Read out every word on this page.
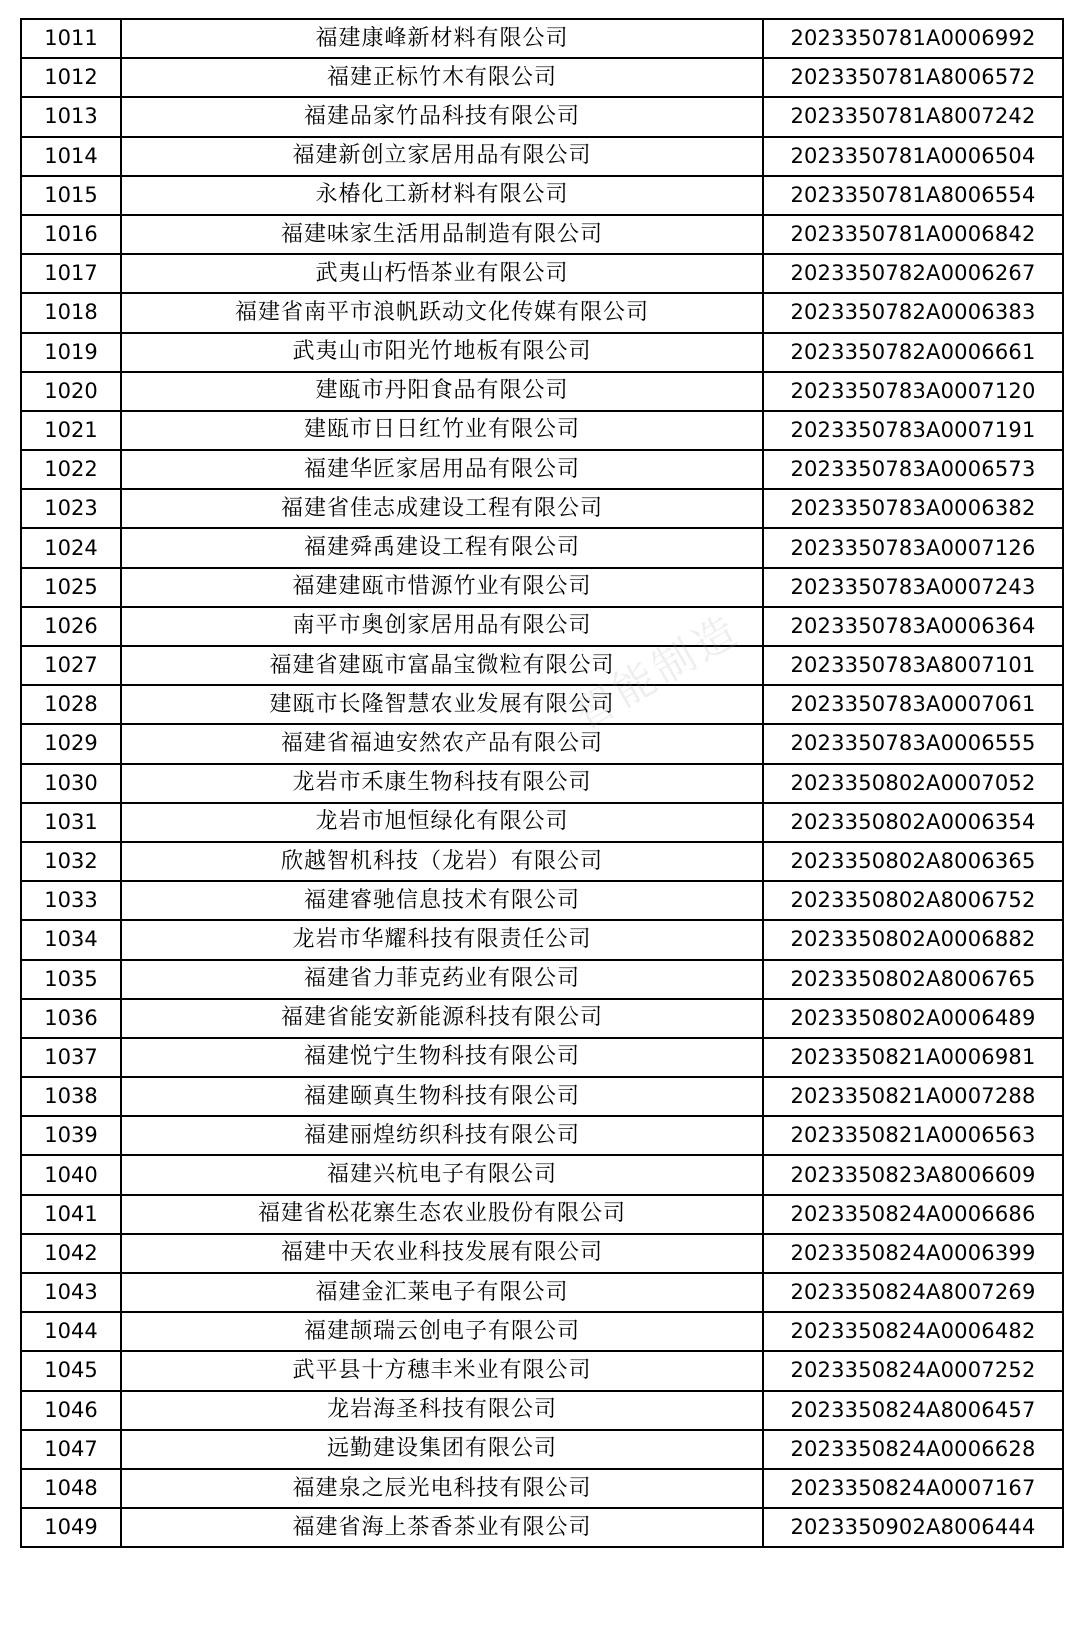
1011	福建康峰新材料有限公司	2023350781A0006992
1012	福建正标竹木有限公司	2023350781A8006572
1013	福建品家竹品科技有限公司	2023350781A8007242
1014	福建新创立家居用品有限公司	2023350781A0006504
1015	永椿化工新材料有限公司	2023350781A8006554
1016	福建味家生活用品制造有限公司	2023350781A0006842
1017	武夷山朽悟茶业有限公司	2023350782A0006267
1018	福建省南平市浪帆跃动文化传媒有限公司	2023350782A0006383
1019	武夷山市阳光竹地板有限公司	2023350782A0006661
1020	建瓯市丹阳食品有限公司	2023350783A0007120
1021	建瓯市日日红竹业有限公司	2023350783A0007191
1022	福建华匠家居用品有限公司	2023350783A0006573
1023	福建省佳志成建设工程有限公司	2023350783A0006382
1024	福建舜禹建设工程有限公司	2023350783A0007126
1025	福建建瓯市惜源竹业有限公司	2023350783A0007243
1026	南平市奥创家居用品有限公司	2023350783A0006364
1027	福建省建瓯市富晶宝微粒有限公司	2023350783A8007101
1028	建瓯市长隆智慧农业发展有限公司	2023350783A0007061
1029	福建省福迪安然农产品有限公司	2023350783A0006555
1030	龙岩市禾康生物科技有限公司	2023350802A0007052
1031	龙岩市旭恒绿化有限公司	2023350802A0006354
1032	欣越智机科技（龙岩）有限公司	2023350802A8006365
1033	福建睿驰信息技术有限公司	2023350802A8006752
1034	龙岩市华耀科技有限责任公司	2023350802A0006882
1035	福建省力菲克药业有限公司	2023350802A8006765
1036	福建省能安新能源科技有限公司	2023350802A0006489
1037	福建悦宁生物科技有限公司	2023350821A0006981
1038	福建颐真生物科技有限公司	2023350821A0007288
1039	福建丽煌纺织科技有限公司	2023350821A0006563
1040	福建兴杭电子有限公司	2023350823A8006609
1041	福建省松花寨生态农业股份有限公司	2023350824A0006686
1042	福建中天农业科技发展有限公司	2023350824A0006399
1043	福建金汇莱电子有限公司	2023350824A8007269
1044	福建颉瑞云创电子有限公司	2023350824A0006482
1045	武平县十方穗丰米业有限公司	2023350824A0007252
1046	龙岩海圣科技有限公司	2023350824A8006457
1047	远勤建设集团有限公司	2023350824A0006628
1048	福建泉之辰光电科技有限公司	2023350824A0007167
1049	福建省海上茶香茶业有限公司	2023350902A8006444
智能制造
